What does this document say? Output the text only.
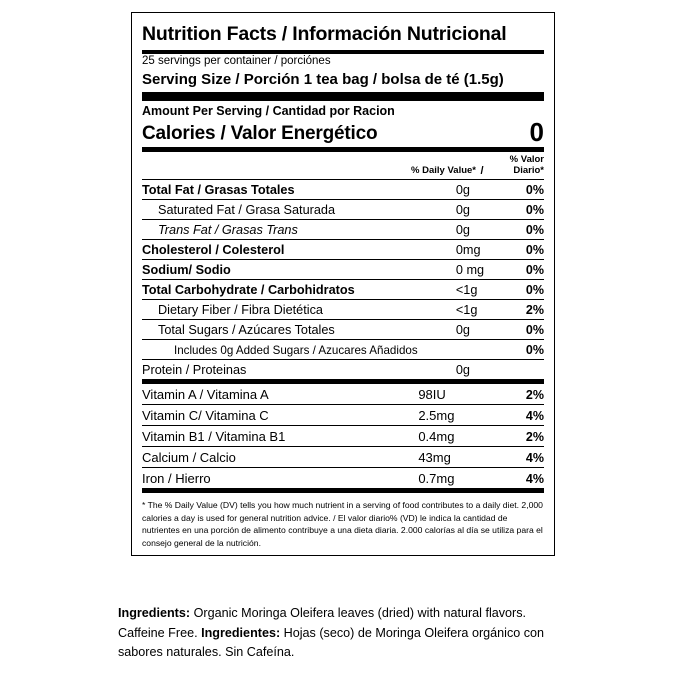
Nutrition Facts / Información Nutricional
25 servings per container / porciónes
Serving Size / Porción 1 tea bag / bolsa de té (1.5g)
Amount Per Serving / Cantidad por Racion
Calories / Valor Energético	0
% Daily Value* /
% Valor Diario*
Total Fat / Grasas Totales	0g	0%
Saturated Fat / Grasa Saturada	0g	0%
Trans Fat / Grasas Trans	0g	0%
Cholesterol / Colesterol	0mg	0%
Sodium/ Sodio	0 mg	0%
Total Carbohydrate / Carbohidratos	<1g	0%
Dietary Fiber / Fibra Dietética	<1g	2%
Total Sugars / Azúcares Totales	0g	0%
Includes 0g Added Sugars / Azucares Añadidos		0%
Protein / Proteinas	0g	
Vitamin A / Vitamina A	98IU	2%
Vitamin C/ Vitamina C	2.5mg	4%
Vitamin B1 / Vitamina B1	0.4mg	2%
Calcium / Calcio	43mg	4%
Iron / Hierro	0.7mg	4%
* The % Daily Value (DV) tells you how much nutrient in a serving of food contributes to a daily diet. 2,000 calories a day is used for general nutrition advice. / El valor diario% (VD) le indica la cantidad de nutrientes en una porción de alimento contribuye a una dieta diaria. 2.000 calorías al día se utiliza para el consejo general de la nutrición.
Ingredients: Organic Moringa Oleifera leaves (dried) with natural flavors. Caffeine Free. Ingredientes: Hojas (seco) de Moringa Oleifera orgánico con sabores naturales. Sin Cafeína.
